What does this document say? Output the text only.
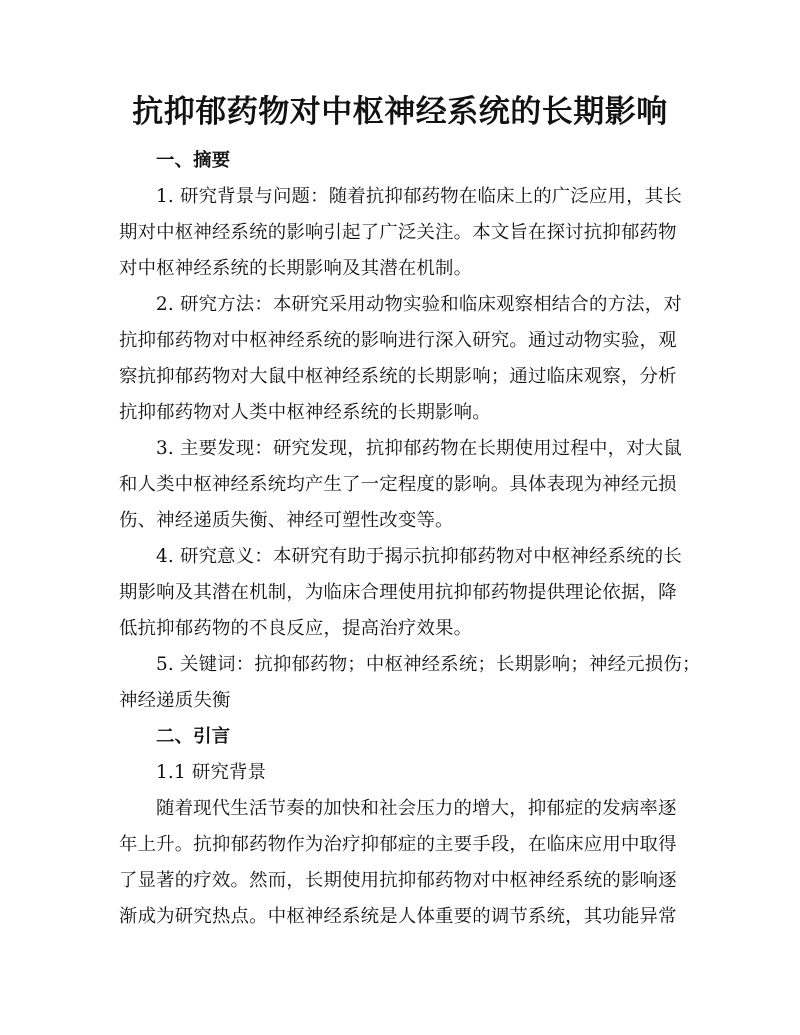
抗抑郁药物对中枢神经系统的长期影响
一、摘要
1. 研究背景与问题：随着抗抑郁药物在临床上的广泛应用，其长
期对中枢神经系统的影响引起了广泛关注。本文旨在探讨抗抑郁药物
对中枢神经系统的长期影响及其潜在机制。
2. 研究方法：本研究采用动物实验和临床观察相结合的方法，对
抗抑郁药物对中枢神经系统的影响进行深入研究。通过动物实验，观
察抗抑郁药物对大鼠中枢神经系统的长期影响；通过临床观察，分析
抗抑郁药物对人类中枢神经系统的长期影响。
3. 主要发现：研究发现，抗抑郁药物在长期使用过程中，对大鼠
和人类中枢神经系统均产生了一定程度的影响。具体表现为神经元损
伤、神经递质失衡、神经可塑性改变等。
4. 研究意义：本研究有助于揭示抗抑郁药物对中枢神经系统的长
期影响及其潜在机制，为临床合理使用抗抑郁药物提供理论依据，降
低抗抑郁药物的不良反应，提高治疗效果。
5. 关键词：抗抑郁药物；中枢神经系统；长期影响；神经元损伤；
神经递质失衡
二、引言
1.1 研究背景
随着现代生活节奏的加快和社会压力的增大，抑郁症的发病率逐
年上升。抗抑郁药物作为治疗抑郁症的主要手段，在临床应用中取得
了显著的疗效。然而，长期使用抗抑郁药物对中枢神经系统的影响逐
渐成为研究热点。中枢神经系统是人体重要的调节系统，其功能异常
